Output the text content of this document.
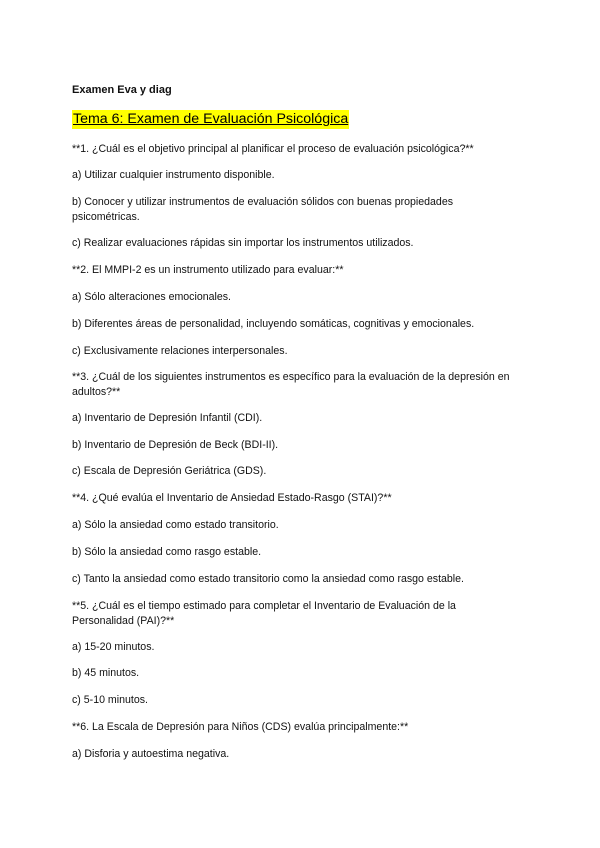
Examen Eva y diag
Tema 6: Examen de Evaluación Psicológica
**1. ¿Cuál es el objetivo principal al planificar el proceso de evaluación psicológica?**
a) Utilizar cualquier instrumento disponible.
b) Conocer y utilizar instrumentos de evaluación sólidos con buenas propiedades psicométricas.
c) Realizar evaluaciones rápidas sin importar los instrumentos utilizados.
**2. El MMPI-2 es un instrumento utilizado para evaluar:**
a) Sólo alteraciones emocionales.
b) Diferentes áreas de personalidad, incluyendo somáticas, cognitivas y emocionales.
c) Exclusivamente relaciones interpersonales.
**3. ¿Cuál de los siguientes instrumentos es específico para la evaluación de la depresión en adultos?**
a) Inventario de Depresión Infantil (CDI).
b) Inventario de Depresión de Beck (BDI-II).
c) Escala de Depresión Geriátrica (GDS).
**4. ¿Qué evalúa el Inventario de Ansiedad Estado-Rasgo (STAI)?**
a) Sólo la ansiedad como estado transitorio.
b) Sólo la ansiedad como rasgo estable.
c) Tanto la ansiedad como estado transitorio como la ansiedad como rasgo estable.
**5. ¿Cuál es el tiempo estimado para completar el Inventario de Evaluación de la Personalidad (PAI)?**
a) 15-20 minutos.
b) 45 minutos.
c) 5-10 minutos.
**6. La Escala de Depresión para Niños (CDS) evalúa principalmente:**
a) Disforia y autoestima negativa.
